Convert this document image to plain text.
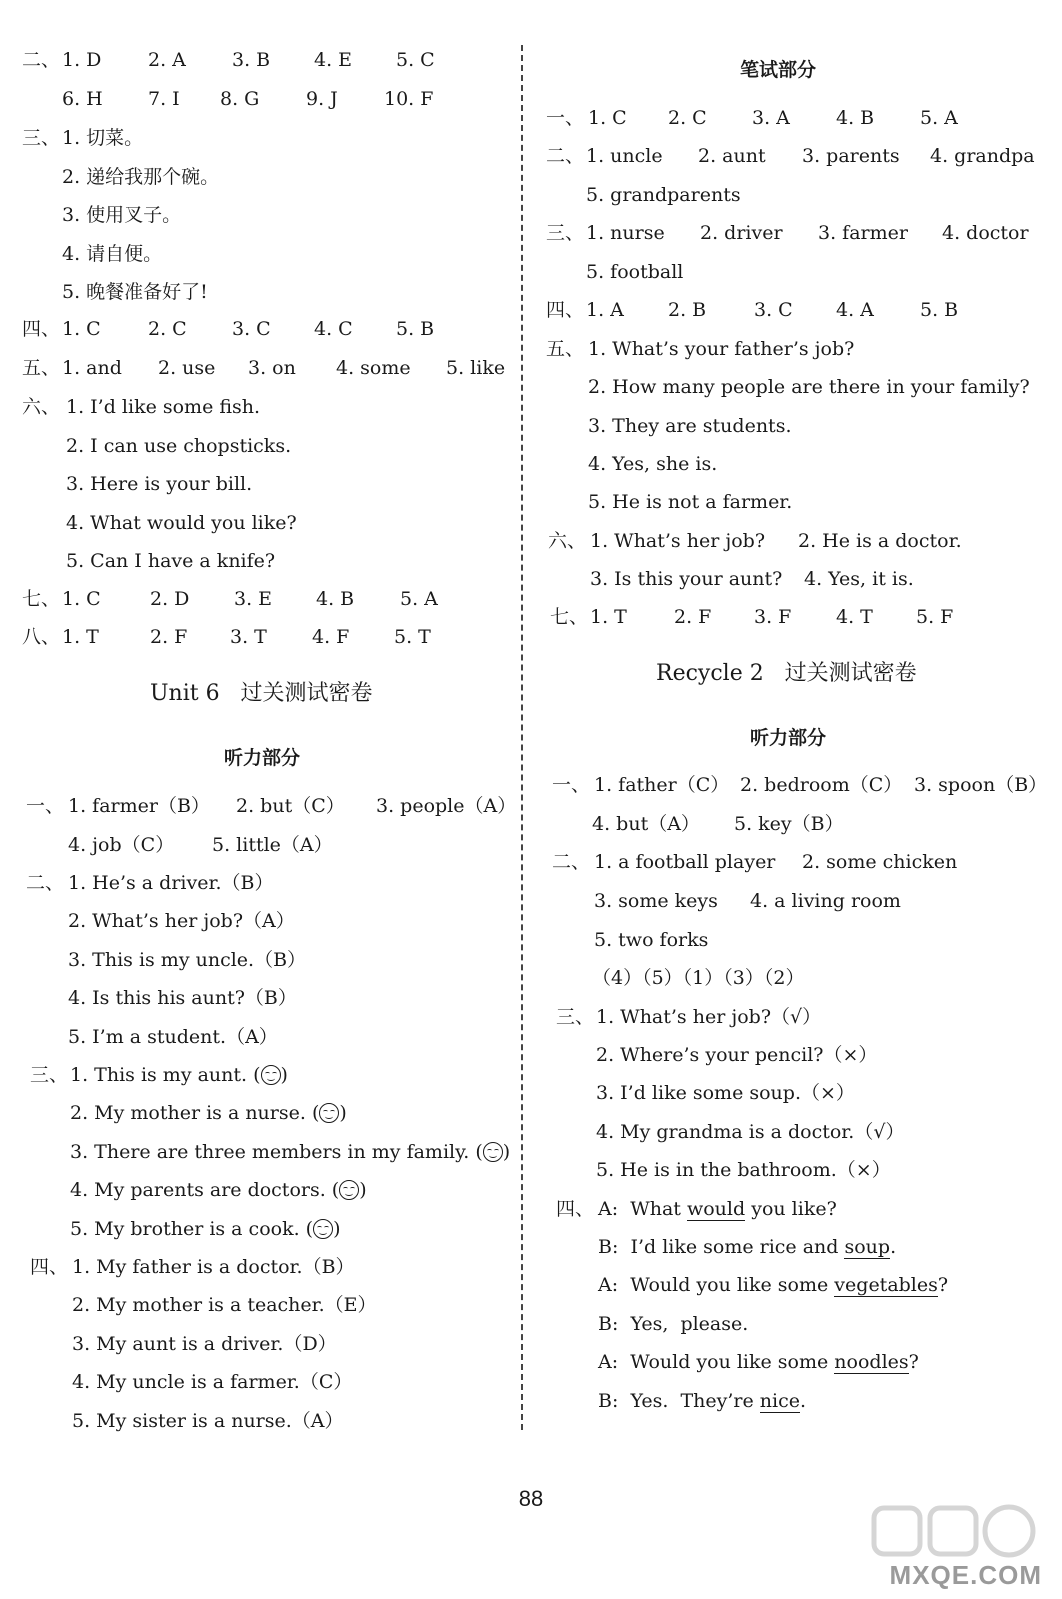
二、 1. D 2. A 3. B 4. E 5. C
6. H 7. I 8. G 9. J 10. F
三、 1. 切菜。
2. 递给我那个碗。
3. 使用叉子。
4. 请自便。
5. 晚餐准备好了!
四、 1. C 2. C 3. C 4. C 5. B
五、 1. and 2. use 3. on 4. some 5. like
六、 1. I’d like some fish.
2. I can use chopsticks.
3. Here is your bill.
4. What would you like?
5. Can I have a knife?
七、 1. C	2. D 3. E 4. B 5. A
八、 1. T	2. F 3. T 4. F 5. T
Unit 6   过关测试密卷
听力部分
一、 1. farmer（B） 2. but（C） 3. people（A）
4. job（C） 5. little（A）
二、 1. He’s a driver.（B）
2. What’s her job?（A）
3. This is my uncle.（B）
4. Is this his aunt?（B）
5. I’m a student.（A）
三、 1. This is my aunt. ( )
2. My mother is a nurse. ( )
3. There are three members in my family. ( )
4. My parents are doctors. ( )
5. My brother is a cook. ( )
四、 1. My father is a doctor.（B）
2. My mother is a teacher.（E）
3. My aunt is a driver.（D）
4. My uncle is a farmer.（C）
5. My sister is a nurse.（A）
笔试部分
一、 1. C 2. C 3. A 4. B 5. A
二、 1. uncle 2. aunt 3. parents 4. grandpa
5. grandparents
三、 1. nurse 2. driver 3. farmer 4. doctor
5. football
四、 1. A 2. B	3. C 4. A 5. B
五、 1. What’s your father’s job?
2. How many people are there in your family?
3. They are students.
4. Yes, she is.
5. He is not a farmer.
六、 1. What’s her job? 2. He is a doctor.
3. Is this your aunt? 4. Yes, it is.
七、 1. T 2. F 3. F 4. T 5. F
Recycle 2   过关测试密卷
听力部分
一、 1. father（C） 2. bedroom（C） 3. spoon（B）
4. but（A） 5. key（B）
二、 1. a football player 2. some chicken
3. some keys 4. a living room
5. two forks
（4）（5）（1）（3）（2）
三、 1. What’s her job?（√）
2. Where’s your pencil?（×）
3. I’d like some soup.（×）
4. My grandma is a doctor.（√）
5. He is in the bathroom.（×）
四、 A:  What would you like?
B:  I’d like some rice and soup.
A:  Would you like some vegetables?
B:  Yes,  please.
A:  Would you like some noodles?
B:  Yes.  They’re nice.
88
MXQE.COM
